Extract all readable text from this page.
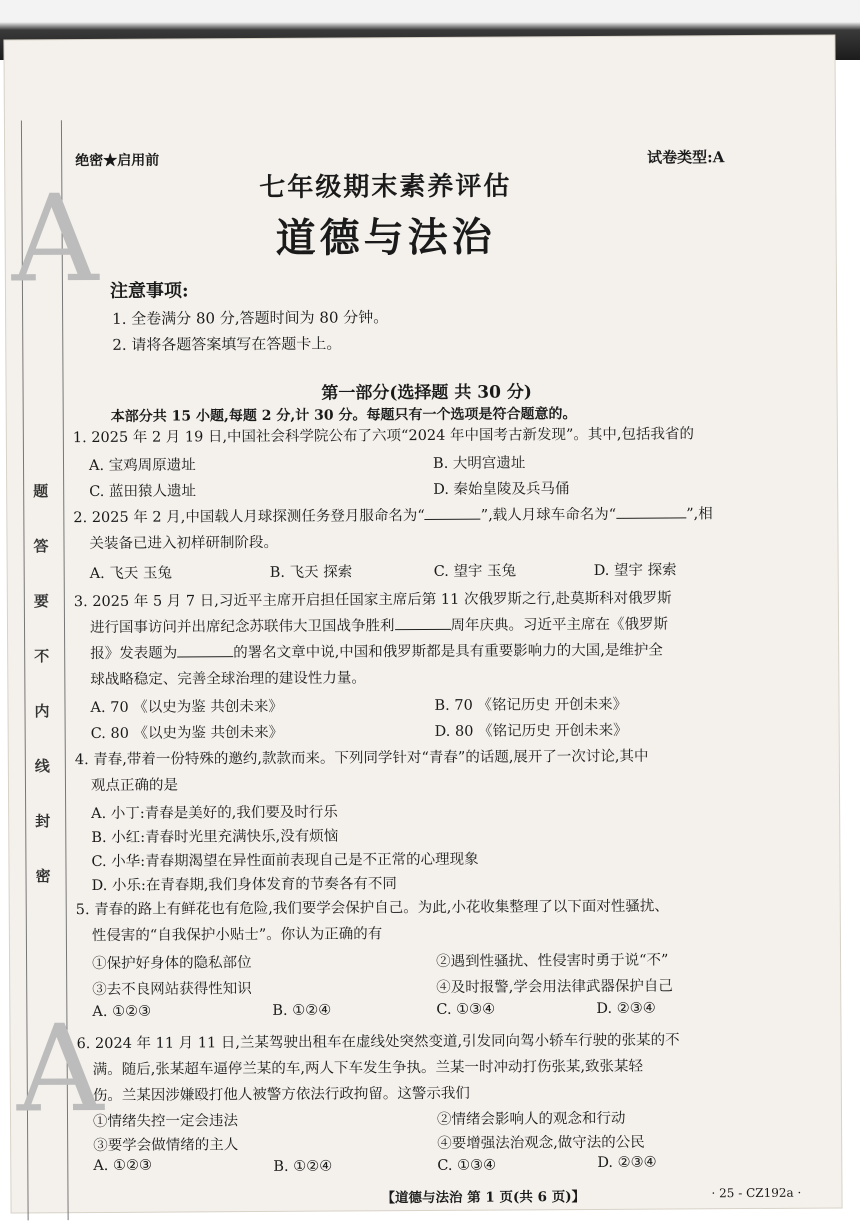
A
A
题
答
要
不
内
线
封
密
绝密★启用前	试卷类型:A
七年级期末素养评估
道德与法治
注意事项:
1. 全卷满分 80 分,答题时间为 80 分钟。
2. 请将各题答案填写在答题卡上。
第一部分(选择题 共 30 分)
本部分共 15 小题,每题 2 分,计 30 分。每题只有一个选项是符合题意的。
1. 2025 年 2 月 19 日,中国社会科学院公布了六项“2024 年中国考古新发现”。其中,包括我省的
A. 宝鸡周原遗址	B. 大明宫遗址
C. 蓝田猿人遗址	D. 秦始皇陵及兵马俑
2. 2025 年 2 月,中国载人月球探测任务登月服命名为“	”,载人月球车命名为“	”,相
关装备已进入初样研制阶段。
A. 飞天 玉兔	B. 飞天 探索	C. 望宇 玉兔	D. 望宇 探索
3. 2025 年 5 月 7 日,习近平主席开启担任国家主席后第 11 次俄罗斯之行,赴莫斯科对俄罗斯
进行国事访问并出席纪念苏联伟大卫国战争胜利	周年庆典。习近平主席在《俄罗斯
报》发表题为	的署名文章中说,中国和俄罗斯都是具有重要影响力的大国,是维护全
球战略稳定、完善全球治理的建设性力量。
A. 70 《以史为鉴 共创未来》	B. 70 《铭记历史 开创未来》
C. 80 《以史为鉴 共创未来》	D. 80 《铭记历史 开创未来》
4. 青春,带着一份特殊的邀约,款款而来。下列同学针对“青春”的话题,展开了一次讨论,其中
观点正确的是
A. 小丁:青春是美好的,我们要及时行乐
B. 小红:青春时光里充满快乐,没有烦恼
C. 小华:青春期渴望在异性面前表现自己是不正常的心理现象
D. 小乐:在青春期,我们身体发育的节奏各有不同
5. 青春的路上有鲜花也有危险,我们要学会保护自己。为此,小花收集整理了以下面对性骚扰、
性侵害的“自我保护小贴士”。你认为正确的有
①保护好身体的隐私部位	②遇到性骚扰、性侵害时勇于说“不”
③去不良网站获得性知识	④及时报警,学会用法律武器保护自己
A. ①②③	B. ①②④	C. ①③④	D. ②③④
6. 2024 年 11 月 11 日,兰某驾驶出租车在虚线处突然变道,引发同向驾小轿车行驶的张某的不
满。随后,张某超车逼停兰某的车,两人下车发生争执。兰某一时冲动打伤张某,致张某轻
伤。兰某因涉嫌殴打他人被警方依法行政拘留。这警示我们
①情绪失控一定会违法	②情绪会影响人的观念和行动
③要学会做情绪的主人	④要增强法治观念,做守法的公民
A. ①②③	B. ①②④	C. ①③④	D. ②③④
【道德与法治 第 1 页(共 6 页)】	· 25 - CZ192a ·
